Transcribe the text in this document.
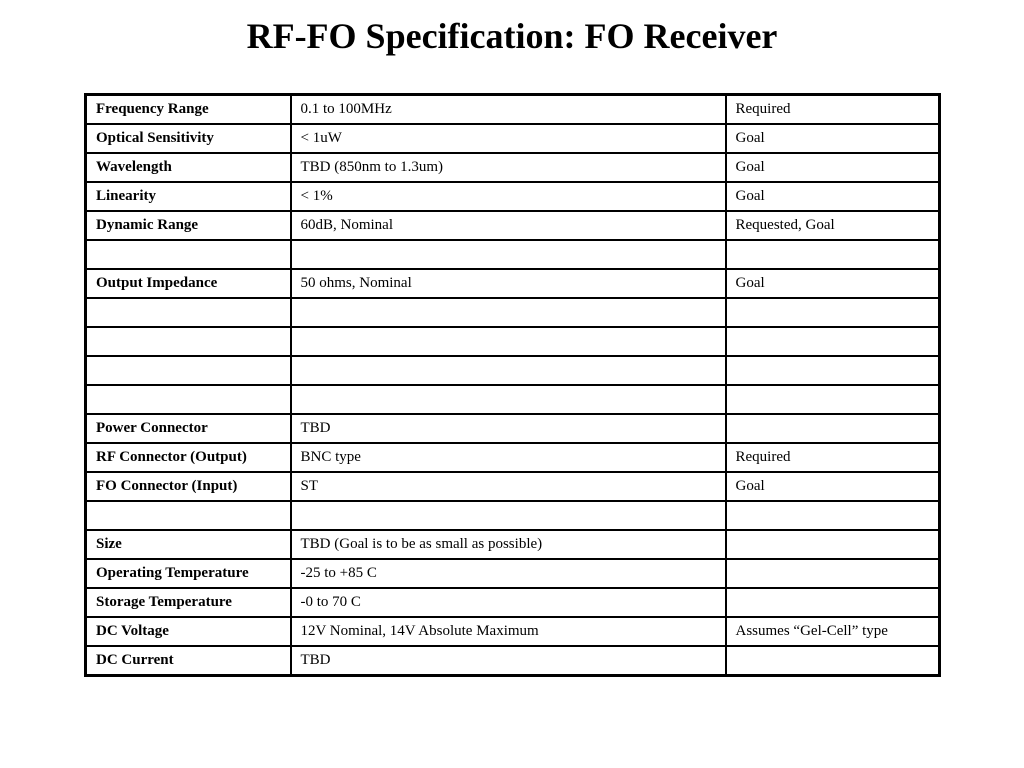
RF-FO Specification: FO Receiver
Frequency Range	0.1 to 100MHz	Required
Optical Sensitivity	< 1uW	Goal
Wavelength	TBD (850nm to 1.3um)	Goal
Linearity	< 1%	Goal
Dynamic Range	60dB, Nominal	Requested, Goal

Output Impedance	50 ohms, Nominal	Goal

Power Connector	TBD	
RF Connector (Output)	BNC type	Required
FO Connector (Input)	ST	Goal

Size	TBD (Goal is to be as small as possible)	
Operating Temperature	-25 to +85 C	
Storage Temperature	-0 to 70 C	
DC Voltage	12V Nominal, 14V Absolute Maximum	Assumes “Gel-Cell” type
DC Current	TBD	
